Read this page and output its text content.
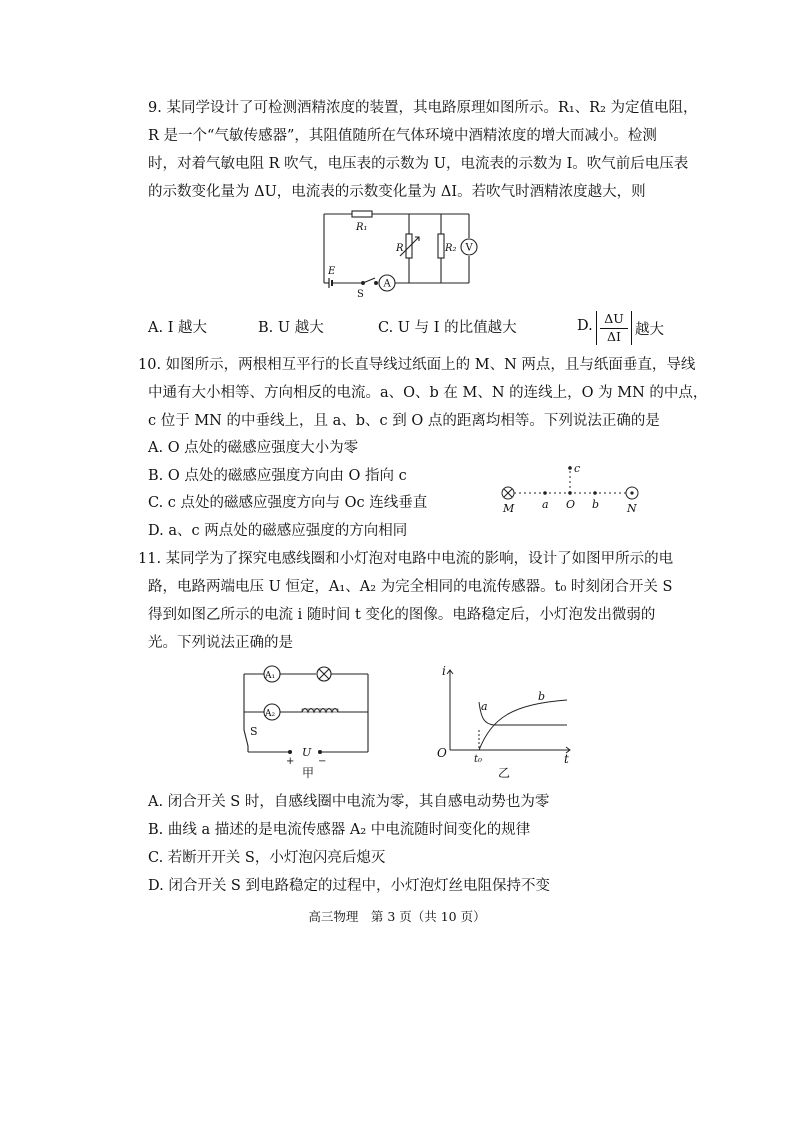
9. 某同学设计了可检测酒精浓度的装置，其电路原理如图所示。R₁、R₂ 为定值电阻，
R 是一个“气敏传感器”，其阻值随所在气体环境中酒精浓度的增大而减小。检测
时，对着气敏电阻 R 吹气，电压表的示数为 U，电流表的示数为 I。吹气前后电压表
的示数变化量为 ΔU，电流表的示数变化量为 ΔI。若吹气时酒精浓度越大，则
R₁
R	R₂
E
V
A
S
A. I 越大	B. U 越大	C. U 与 I 的比值越大	D. ΔU
ΔI 越大
10. 如图所示，两根相互平行的长直导线过纸面上的 M、N 两点，且与纸面垂直，导线
中通有大小相等、方向相反的电流。a、O、b 在 M、N 的连线上，O 为 MN 的中点，
c 位于 MN 的中垂线上，且 a、b、c 到 O 点的距离均相等。下列说法正确的是
A. O 点处的磁感应强度大小为零
B. O 点处的磁感应强度方向由 O 指向 c
C. c 点处的磁感应强度方向与 Oc 连线垂直
D. a、c 两点处的磁感应强度的方向相同
M	a O b	N
c
11. 某同学为了探究电感线圈和小灯泡对电路中电流的影响，设计了如图甲所示的电
路，电路两端电压 U 恒定，A₁、A₂ 为完全相同的电流传感器。t₀ 时刻闭合开关 S
得到如图乙所示的电流 i 随时间 t 变化的图像。电路稳定后，小灯泡发出微弱的
光。下列说法正确的是
A₁
A₂
S
U
+ −
甲
i
t
O	t₀
a
b
乙
A. 闭合开关 S 时，自感线圈中电流为零，其自感电动势也为零
B. 曲线 a 描述的是电流传感器 A₂ 中电流随时间变化的规律
C. 若断开开关 S，小灯泡闪亮后熄灭
D. 闭合开关 S 到电路稳定的过程中，小灯泡灯丝电阻保持不变
高三物理　第 3 页（共 10 页）
